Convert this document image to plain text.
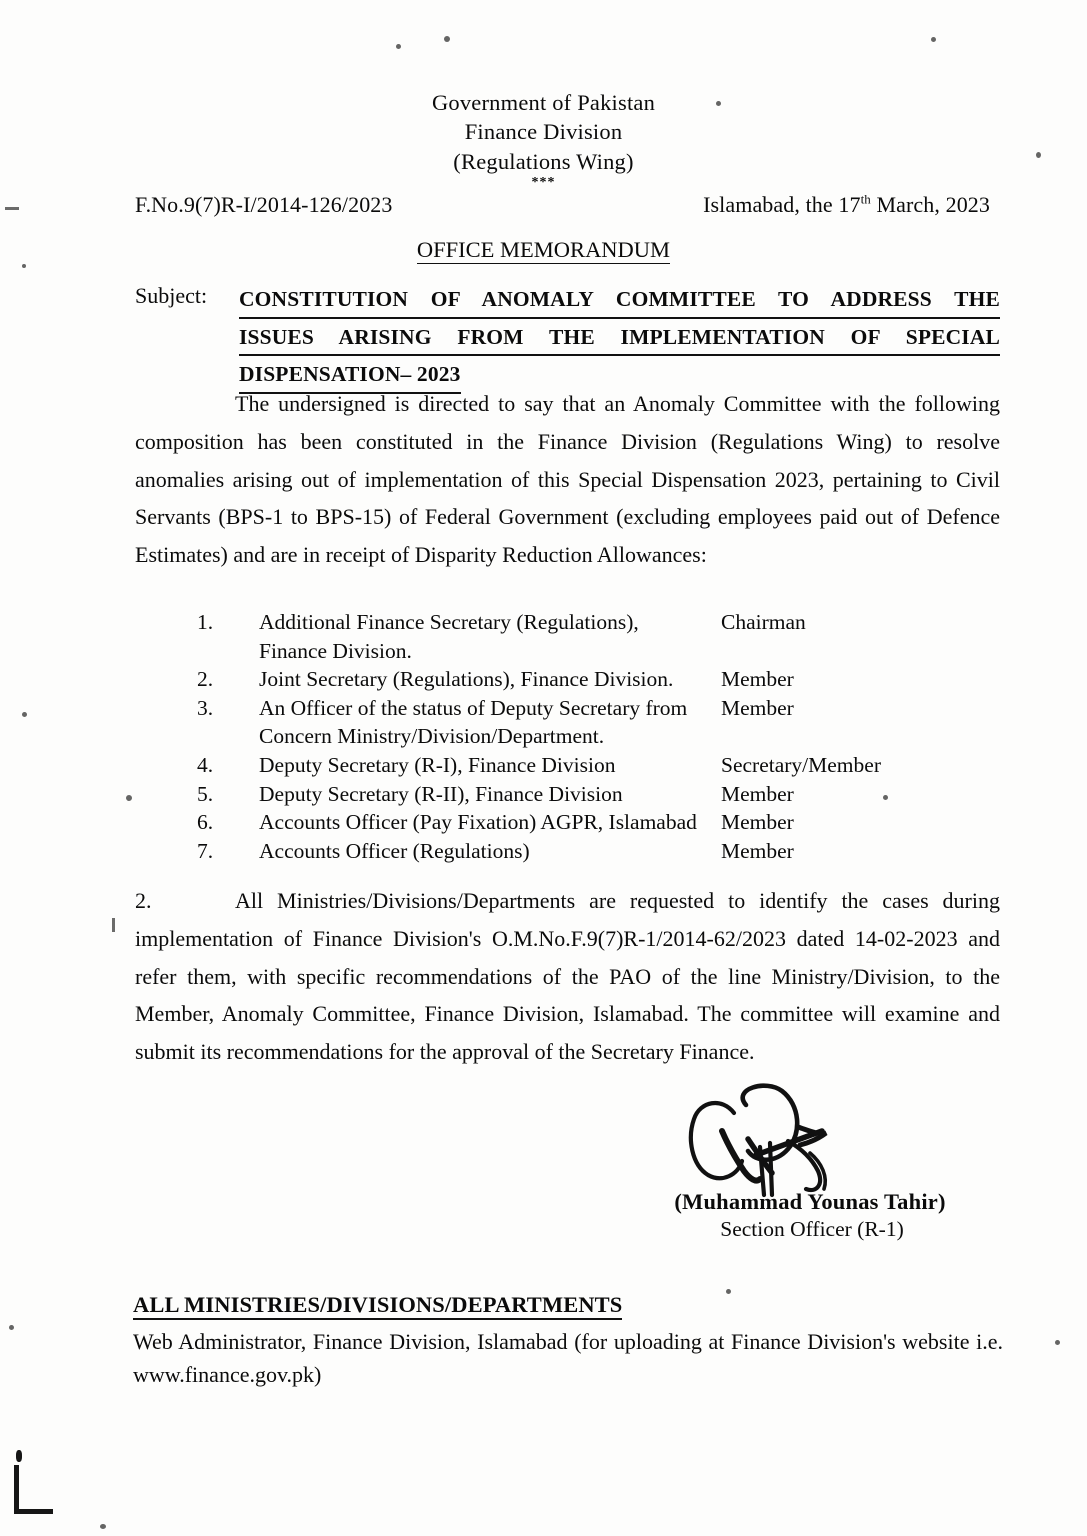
Government of Pakistan
Finance Division
(Regulations Wing)
***
F.No.9(7)R-I/2014-126/2023	Islamabad, the 17th March, 2023
OFFICE MEMORANDUM
Subject:	CONSTITUTION OF ANOMALY COMMITTEE TO ADDRESS THE
ISSUES ARISING FROM THE IMPLEMENTATION OF SPECIAL
DISPENSATION– 2023
The undersigned is directed to say that an Anomaly Committee with the following composition has been constituted in the Finance Division (Regulations Wing) to resolve anomalies arising out of implementation of this Special Dispensation 2023, pertaining to Civil Servants (BPS-1 to BPS-15) of Federal Government (excluding employees paid out of Defence Estimates) and are in receipt of Disparity Reduction Allowances:
1.	Additional Finance Secretary (Regulations),	Chairman
Finance Division.
2.	Joint Secretary (Regulations), Finance Division.	Member
3.	An Officer of the status of Deputy Secretary from	Member
Concern Ministry/Division/Department.
4.	Deputy Secretary (R-I), Finance Division	Secretary/Member
5.	Deputy Secretary (R-II), Finance Division	Member
6.	Accounts Officer (Pay Fixation) AGPR, Islamabad	Member
7.	Accounts Officer (Regulations)	Member
2.	All Ministries/Divisions/Departments are requested to identify the cases during implementation of Finance Division's O.M.No.F.9(7)R-1/2014-62/2023 dated 14-02-2023 and refer them, with specific recommendations of the PAO of the line Ministry/Division, to the Member, Anomaly Committee, Finance Division, Islamabad. The committee will examine and submit its recommendations for the approval of the Secretary Finance.
(Muhammad Younas Tahir)
Section Officer (R-1)
ALL MINISTRIES/DIVISIONS/DEPARTMENTS
Web Administrator, Finance Division, Islamabad (for uploading at Finance Division's website i.e. www.finance.gov.pk)
